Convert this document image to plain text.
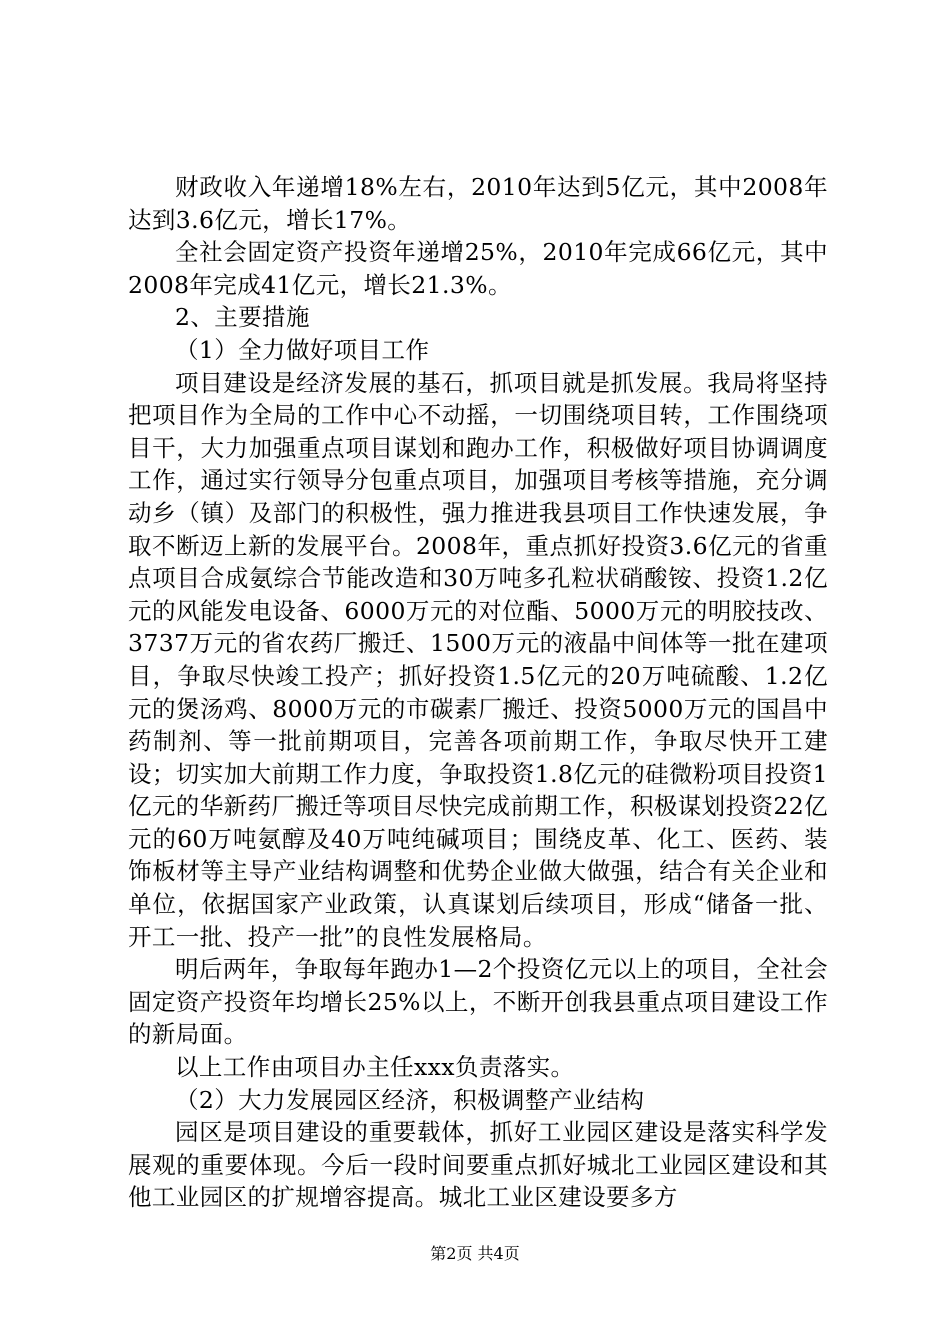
财政收入年递增18%左右，2010年达到5亿元，其中2008年达到3.6亿元，增长17%。

全社会固定资产投资年递增25%，2010年完成66亿元，其中2008年完成41亿元，增长21.3%。

2、主要措施

（1）全力做好项目工作

项目建设是经济发展的基石，抓项目就是抓发展。我局将坚持把项目作为全局的工作中心不动摇，一切围绕项目转，工作围绕项目干，大力加强重点项目谋划和跑办工作，积极做好项目协调调度工作，通过实行领导分包重点项目，加强项目考核等措施，充分调动乡（镇）及部门的积极性，强力推进我县项目工作快速发展，争取不断迈上新的发展平台。2008年，重点抓好投资3.6亿元的省重点项目合成氨综合节能改造和30万吨多孔粒状硝酸铵、投资1.2亿元的风能发电设备、6000万元的对位酯、5000万元的明胶技改、3737万元的省农药厂搬迁、1500万元的液晶中间体等一批在建项目，争取尽快竣工投产；抓好投资1.5亿元的20万吨硫酸、1.2亿元的煲汤鸡、8000万元的市碳素厂搬迁、投资5000万元的国昌中药制剂、等一批前期项目，完善各项前期工作，争取尽快开工建设；切实加大前期工作力度，争取投资1.8亿元的硅微粉项目投资1亿元的华新药厂搬迁等项目尽快完成前期工作，积极谋划投资22亿元的60万吨氨醇及40万吨纯碱项目；围绕皮革、化工、医药、装饰板材等主导产业结构调整和优势企业做大做强，结合有关企业和单位，依据国家产业政策，认真谋划后续项目，形成“储备一批、开工一批、投产一批”的良性发展格局。

明后两年，争取每年跑办1—2个投资亿元以上的项目，全社会固定资产投资年均增长25%以上，不断开创我县重点项目建设工作的新局面。

以上工作由项目办主任xxx负责落实。

（2）大力发展园区经济，积极调整产业结构

园区是项目建设的重要载体，抓好工业园区建设是落实科学发展观的重要体现。今后一段时间要重点抓好城北工业园区建设和其他工业园区的扩规增容提高。城北工业区建设要多方

第2页 共4页
